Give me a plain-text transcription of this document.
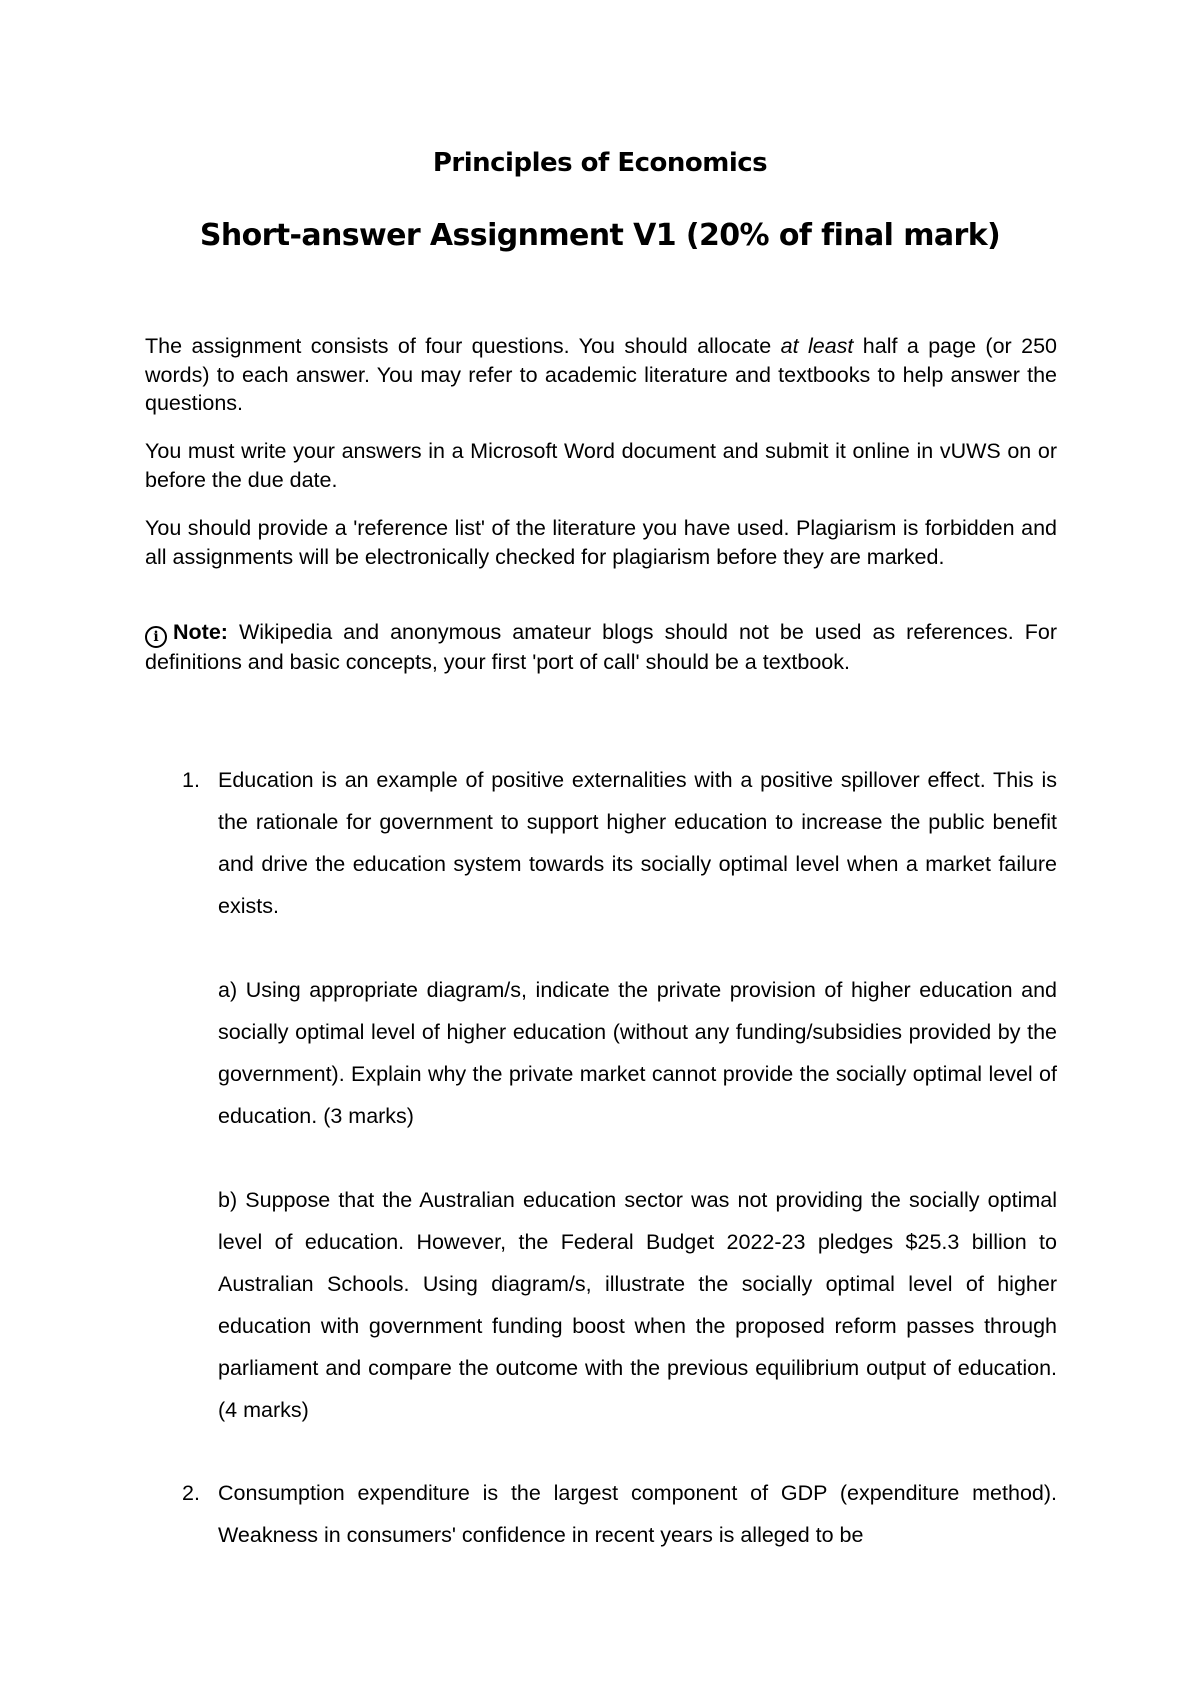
Principles of Economics
Short-answer Assignment V1 (20% of final mark)

The assignment consists of four questions. You should allocate at least half a page (or 250 words) to each answer. You may refer to academic literature and textbooks to help answer the questions.

You must write your answers in a Microsoft Word document and submit it online in vUWS on or before the due date.

You should provide a 'reference list' of the literature you have used. Plagiarism is forbidden and all assignments will be electronically checked for plagiarism before they are marked.

i Note: Wikipedia and anonymous amateur blogs should not be used as references. For definitions and basic concepts, your first 'port of call' should be a textbook.

1. Education is an example of positive externalities with a positive spillover effect. This is the rationale for government to support higher education to increase the public benefit and drive the education system towards its socially optimal level when a market failure exists.

a) Using appropriate diagram/s, indicate the private provision of higher education and socially optimal level of higher education (without any funding/subsidies provided by the government). Explain why the private market cannot provide the socially optimal level of education. (3 marks)

b) Suppose that the Australian education sector was not providing the socially optimal level of education. However, the Federal Budget 2022-23 pledges $25.3 billion to Australian Schools. Using diagram/s, illustrate the socially optimal level of higher education with government funding boost when the proposed reform passes through parliament and compare the outcome with the previous equilibrium output of education. (4 marks)

2. Consumption expenditure is the largest component of GDP (expenditure method). Weakness in consumers' confidence in recent years is alleged to be
